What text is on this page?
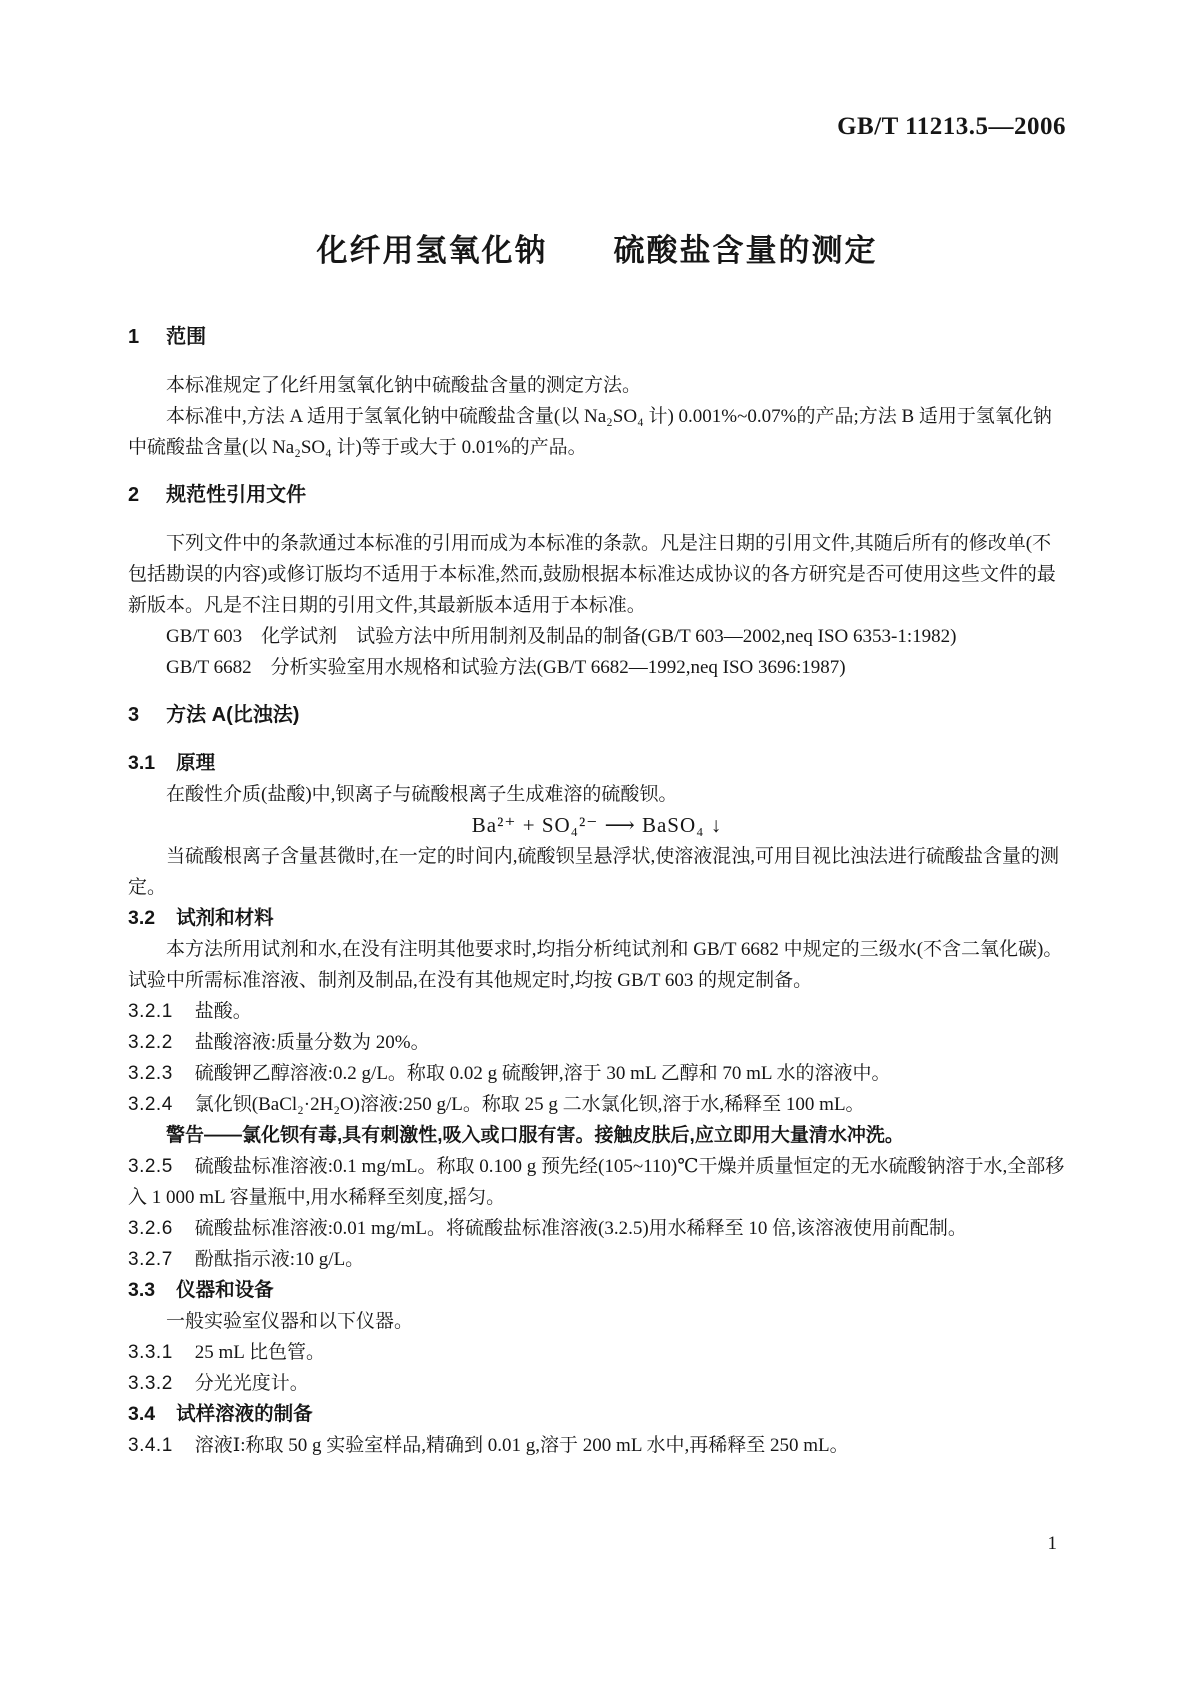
GB/T 11213.5—2006
化纤用氢氧化钠　　硫酸盐含量的测定
1 范围

本标准规定了化纤用氢氧化钠中硫酸盐含量的测定方法。

本标准中,方法 A 适用于氢氧化钠中硫酸盐含量(以 Na₂SO₄ 计) 0.001%~0.07%的产品;方法 B 适用于氢氧化钠中硫酸盐含量(以 Na₂SO₄ 计)等于或大于 0.01%的产品。

2 规范性引用文件

下列文件中的条款通过本标准的引用而成为本标准的条款。凡是注日期的引用文件,其随后所有的修改单(不包括勘误的内容)或修订版均不适用于本标准,然而,鼓励根据本标准达成协议的各方研究是否可使用这些文件的最新版本。凡是不注日期的引用文件,其最新版本适用于本标准。

GB/T 603　化学试剂　试验方法中所用制剂及制品的制备(GB/T 603—2002,neq ISO 6353-1:1982)

GB/T 6682　分析实验室用水规格和试验方法(GB/T 6682—1992,neq ISO 3696:1987)

3 方法 A(比浊法)
3.1 原理

在酸性介质(盐酸)中,钡离子与硫酸根离子生成难溶的硫酸钡。

Ba²⁺ + SO₄²⁻ ⟶ BaSO₄ ↓

当硫酸根离子含量甚微时,在一定的时间内,硫酸钡呈悬浮状,使溶液混浊,可用目视比浊法进行硫酸盐含量的测定。

3.2 试剂和材料

本方法所用试剂和水,在没有注明其他要求时,均指分析纯试剂和 GB/T 6682 中规定的三级水(不含二氧化碳)。试验中所需标准溶液、制剂及制品,在没有其他规定时,均按 GB/T 603 的规定制备。

3.2.1 盐酸。

3.2.2 盐酸溶液:质量分数为 20%。

3.2.3 硫酸钾乙醇溶液:0.2 g/L。称取 0.02 g 硫酸钾,溶于 30 mL 乙醇和 70 mL 水的溶液中。

3.2.4 氯化钡(BaCl₂·2H₂O)溶液:250 g/L。称取 25 g 二水氯化钡,溶于水,稀释至 100 mL。

警告——氯化钡有毒,具有刺激性,吸入或口服有害。接触皮肤后,应立即用大量清水冲洗。

3.2.5 硫酸盐标准溶液:0.1 mg/mL。称取 0.100 g 预先经(105~110)℃干燥并质量恒定的无水硫酸钠溶于水,全部移入 1 000 mL 容量瓶中,用水稀释至刻度,摇匀。

3.2.6 硫酸盐标准溶液:0.01 mg/mL。将硫酸盐标准溶液(3.2.5)用水稀释至 10 倍,该溶液使用前配制。

3.2.7 酚酞指示液:10 g/L。

3.3 仪器和设备

一般实验室仪器和以下仪器。

3.3.1 25 mL 比色管。

3.3.2 分光光度计。

3.4 试样溶液的制备

3.4.1 溶液Ⅰ:称取 50 g 实验室样品,精确到 0.01 g,溶于 200 mL 水中,再稀释至 250 mL。

1
